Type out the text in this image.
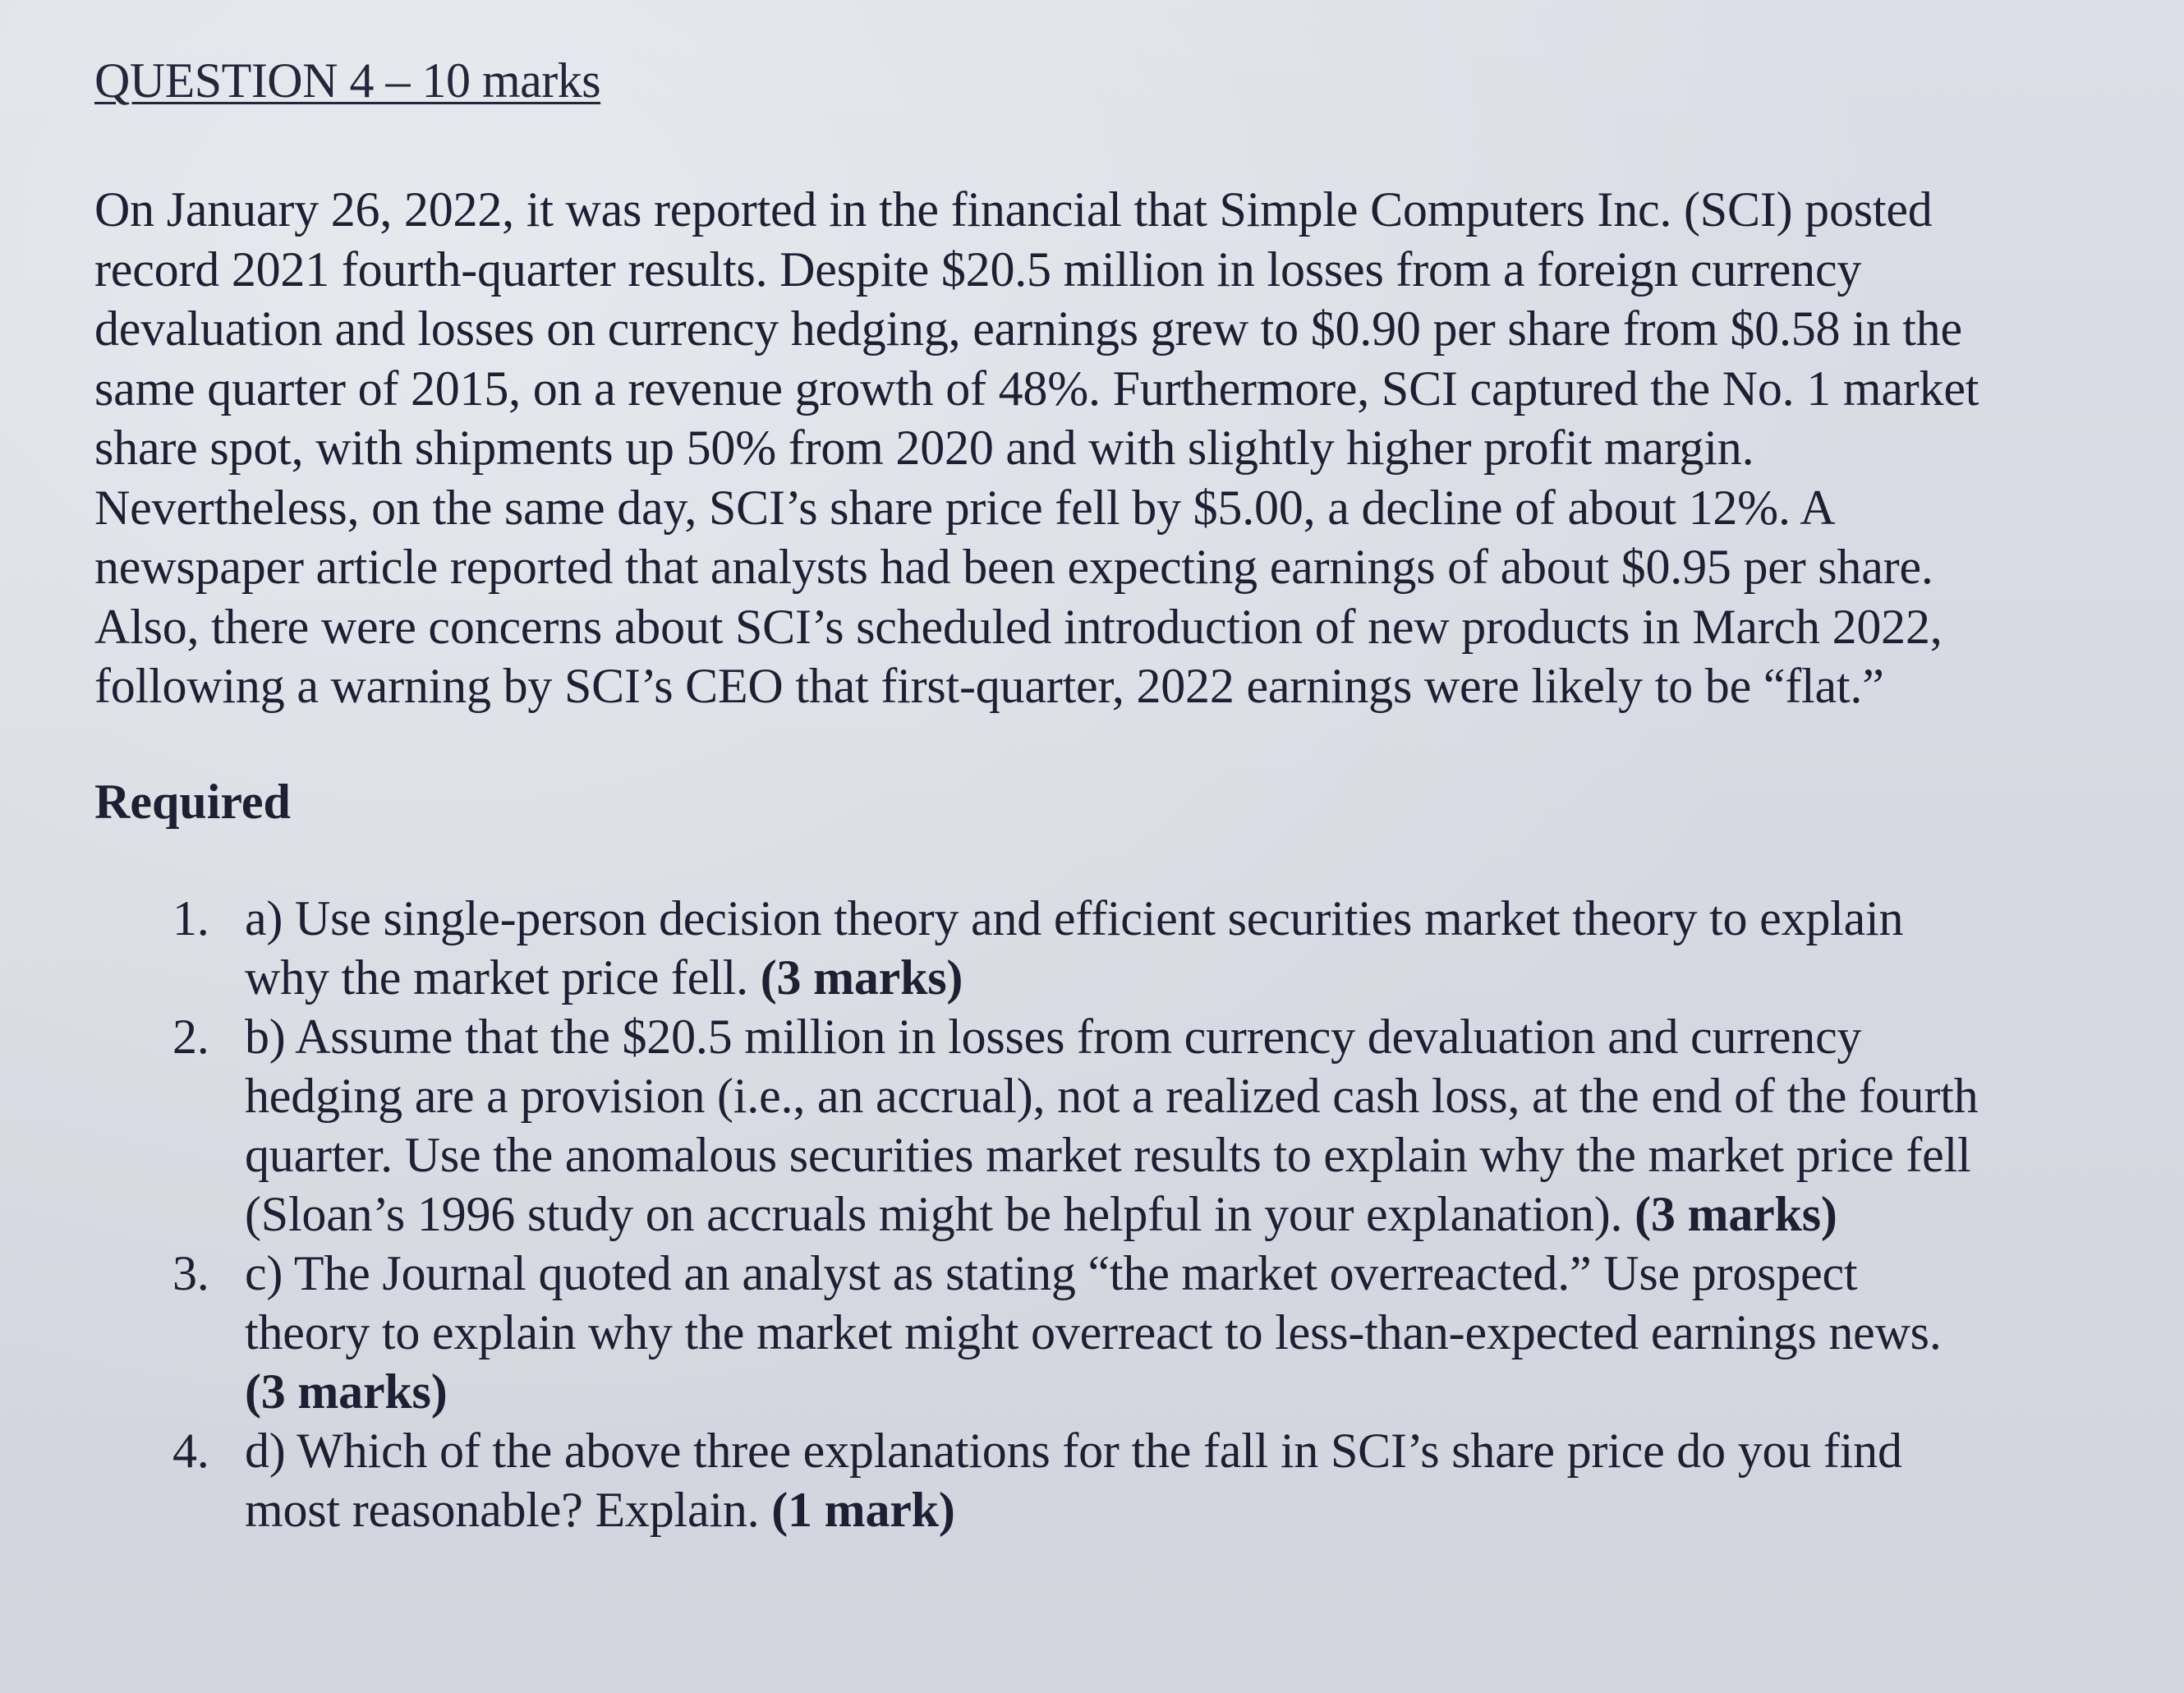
QUESTION 4 – 10 marks
On January 26, 2022, it was reported in the financial that Simple Computers Inc. (SCI) posted
record 2021 fourth-quarter results. Despite $20.5 million in losses from a foreign currency
devaluation and losses on currency hedging, earnings grew to $0.90 per share from $0.58 in the
same quarter of 2015, on a revenue growth of 48%. Furthermore, SCI captured the No. 1 market
share spot, with shipments up 50% from 2020 and with slightly higher profit margin.
Nevertheless, on the same day, SCI’s share price fell by $5.00, a decline of about 12%. A
newspaper article reported that analysts had been expecting earnings of about $0.95 per share.
Also, there were concerns about SCI’s scheduled introduction of new products in March 2022,
following a warning by SCI’s CEO that first-quarter, 2022 earnings were likely to be “flat.”
Required
1. a) Use single-person decision theory and efficient securities market theory to explain
why the market price fell. (3 marks)
2. b) Assume that the $20.5 million in losses from currency devaluation and currency
hedging are a provision (i.e., an accrual), not a realized cash loss, at the end of the fourth
quarter. Use the anomalous securities market results to explain why the market price fell
(Sloan’s 1996 study on accruals might be helpful in your explanation). (3 marks)
3. c) The Journal quoted an analyst as stating “the market overreacted.” Use prospect
theory to explain why the market might overreact to less-than-expected earnings news.
(3 marks)
4. d) Which of the above three explanations for the fall in SCI’s share price do you find
most reasonable? Explain. (1 mark)
